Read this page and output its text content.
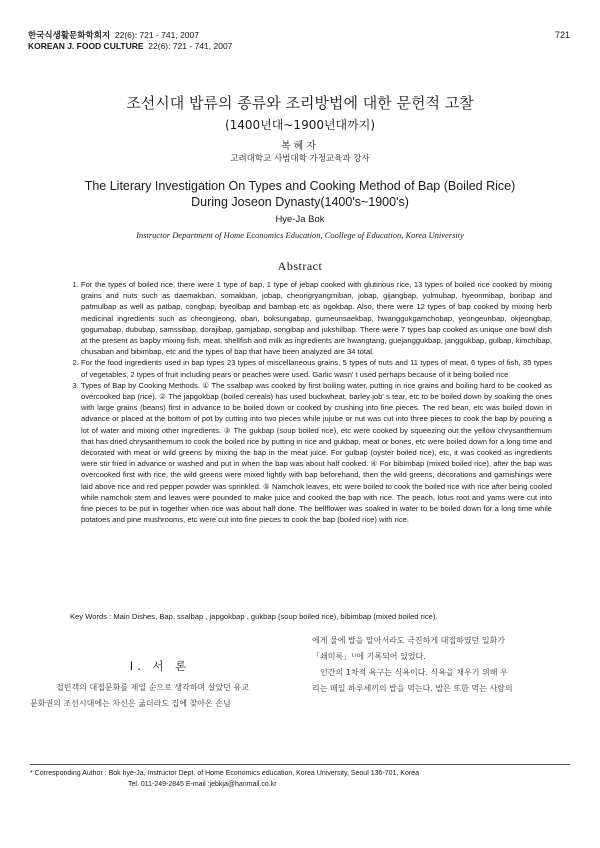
한국식생활문화학회지 22(6): 721 - 741, 2007
KOREAN J. FOOD CULTURE 22(6): 721 - 741, 2007
721
조선시대 밥류의 종류와 조리방법에 대한 문헌적 고찰
(1400년대~1900년대까지)
복혜자
고려대학교 사범대학 가정교육과 강사
The Literary Investigation On Types and Cooking Method of Bap (Boiled Rice)
During Joseon Dynasty(1400's~1900's)
Hye-Ja Bok
Instructor Department of Home Economics Education, Coollege of Education, Korea University
Abstract
1. For the types of boiled rice, there were 1 type of bap, 1 type of jebap cooked with glutinous rice, 13 types of boiled rice cooked by mixing grains and nuts such as daemakban, somakban, jobap, cheongryangmiban, jobap, gijangbap, yulmubap, hyeonmibap, boribap and patmulbap as well as patbap, congbap, byeolbap and bambap etc as ogokbap. Also, there were 12 types of bap cooked by mixing herb medicinal ingredients such as cheongjeong, oban, boksungabap, gumeunsaekbap, hwanggukgamchobap, yeongeunbap, okjeongbap, gogumabap, dububap, samssibap, dorajibap, gamjabap, songibap and jukshilbap. There were 7 types bap cooked as unique one bowl dish at the present as bapby mixing fish, meat, shellfish and milk as ingredients are hwangtang, guejanggukbap, janggukbap, gulbap, kimchibap, chusaban and bibimbap, etc and the types of bap that have been analyzed are 34 total.
2. For the food ingredients used in bap types 23 types of miscellaneous grains, 5 types of nuts and 11 types of meat, 6 types of fish, 35 types of vegetables, 2 types of fruit including pears or peaches were used. Garlic wasn' t used perhaps because of it being boiled rice
3. Types of Bap by Cooking Methods. ① The ssalbap was cooked by first boiling water, putting in rice grains and boiling hard to be cooked as overcooked bap (rice). ② The japgokbap (boiled cereals) has used buckwheat, barley job' s tear, etc to be boiled down by soaking the ones with large grains (beans) first in advance to be boiled down or cooked by crushing into fine pieces. The red bean, etc was boiled down in advance or placed at the bottom of pot by cutting into two pieces while jujube or nut was cut into three pieces to cook the bap by pouring a lot of water and mixing other ingredients. ③ The gukbap (soup boiled rice), etc were cooked by squeezing out the yellow chrysanthemum that has dried chrysanthemum to cook the boiled rice by putting in rice and gukbap, meat or bones, etc were boiled down for a long time and decorated with meat or wild greens by mixing the bap in the meat juice. For gulbap (oyster boiled rice), etc, it was cooked as ingredients were stir fried in advance or washed and put in when the bap was about half cooked. ④ For bibimbap (mixed boiled rice), after the bap was overcooked first with rice, the wild greens were mixed lightly with bap beforehand, then the wild greens, decorations and garnishings were laid above rice and red pepper powder was sprinkled. ⑤ Namchok leaves, etc were boiled to cook the boiled rice with rice after being cooled while namchok stem and leaves were pounded to make juice and cooked the bap with rice. The peach, lotus root and yams were cut into fine pieces to be put in together when rice was about half done. The bellflower was soaked in water to be boiled down for a long time while potatoes and pine mushrooms, etc were cut into fine pieces to cook the bap (boiled rice) with rice.
Key Words : Main Dishes, Bap, ssalbap , japgokbap , gukbap (soup boiled rice), bibimbap (mixed boiled rice).
I. 서 론
접빈객의 대접문화를 제일 순으로 생각하며 살았던 유교
문화권의 조선시대에는 자신은 굶더라도 집에 찾아온 손님
에게 물에 밥을 말아서라도 극진하게 대접하였던 일화가
「쇄미록」¹⁾에 기록되어 있었다.
인간의 1차적 욕구는 식욕이다. 식욕을 채우기 위해 우
리는 매일 하루세끼의 밥을 먹는다. 밥은 또한 먹는 사람의
* Corresponding Author : Bok hye-Ja, Instructor Dept. of Home Economics education, Korea University, Seoul 136-701, Korea
Tel. 011-249-2845 E-mail :jebkja@hanmail.co.kr
